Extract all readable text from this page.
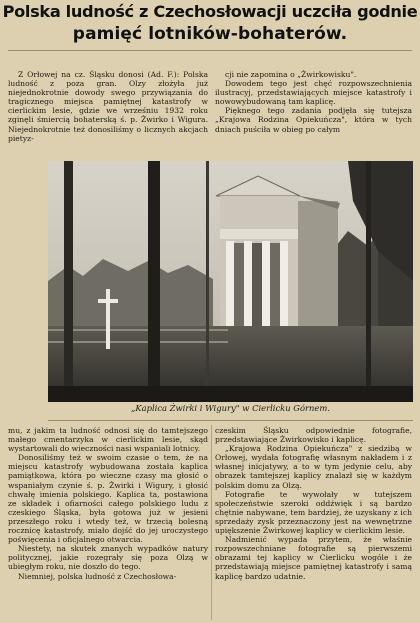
Polska ludność z Czechosłowacji uczciła godnie
pamięć lotników-bohaterów.

Z Orłowej na cz. Śląsku donosi (Ad. F.): Polska ludność z poza gran. Olzy złożyła już niejednokrotnie dowody swego przywiązania do tragicznego miejsca pamiętnej katastrofy w cierlickim lesie, gdzie we wrześniu 1932 roku zginęli śmiercią bohaterską ś. p. Żwirko i Wigura. Niejednokrotnie też donosiliśmy o licznych akcjach pietyz-

cji nie zapomina o „Żwirkowisku".

Dowodem tego jest chęć rozpowszechnienia ilustracyj, przedstawiających miejsce katastrofy i nowowybudowaną tam kaplicę.

Pięknego tego zadania podjęła się tutejsza „Krajowa Rodzina Opiekuńcza", która w tych dniach puściła w obieg po całym

„Kaplica Żwirki i Wigury" w Cierlicku Górnem.

mu, z jakim ta ludność odnosi się do tamtejszego małego cmentarzyka w cierlickim lesie, skąd wystartowali do wieczności nasi wspaniali lotnicy.

Donosiliśmy też w swoim czasie o tem, że na miejscu katastrofy wybudowana została kaplica pamiątkowa, która po wieczne czasy ma głosić o wspaniałym czynie ś. p. Żwirki i Wigury, i głosić chwałę imienia polskiego. Kaplica ta, postawiona ze składek i ofiarności całego polskiego ludu z czeskiego Śląska, była gotowa już w jesieni przeszłego roku i wtedy też, w trzecią bolesną rocznicę katastrofy, miało dojść do jej uroczystego poświęcenia i oficjalnego otwarcia.

Niestety, na skutek znanych wypadków natury politycznej, jakie rozegrały się poza Olzą w ubiegłym roku, nie doszło do tego.

Niemniej, polska ludność z Czechosłowa-

czeskim Śląsku odpowiednie fotografie, przedstawiające Żwirkowisko i kaplicę.

„Krajowa Rodzina Opiekuńcza" z siedzibą w Orłowej, wydała fotografię własnym nakładem i z własnej inicjatywy, a to w tym jedynie celu, aby obrazek tamtejszej kaplicy znalazł się w każdym polskim domu za Olzą.

Fotografie te wywołały w tutejszem społeczeństwie szeroki oddźwięk i są bardzo chętnie nabywane, tem bardziej, że uzyskany z ich sprzedaży zysk przeznaczony jest na wewnętrzne upiększenie Żwirkowej kaplicy w cierlickim lesie.

Nadmienić wypada przytem, że właśnie rozpowszechniane fotografie są pierwszemi obrazami tej kaplicy w Cierlicku wogóle i że przedstawiają miejsce pamiętnej katastrofy i samą kaplicę bardzo udatnie.
